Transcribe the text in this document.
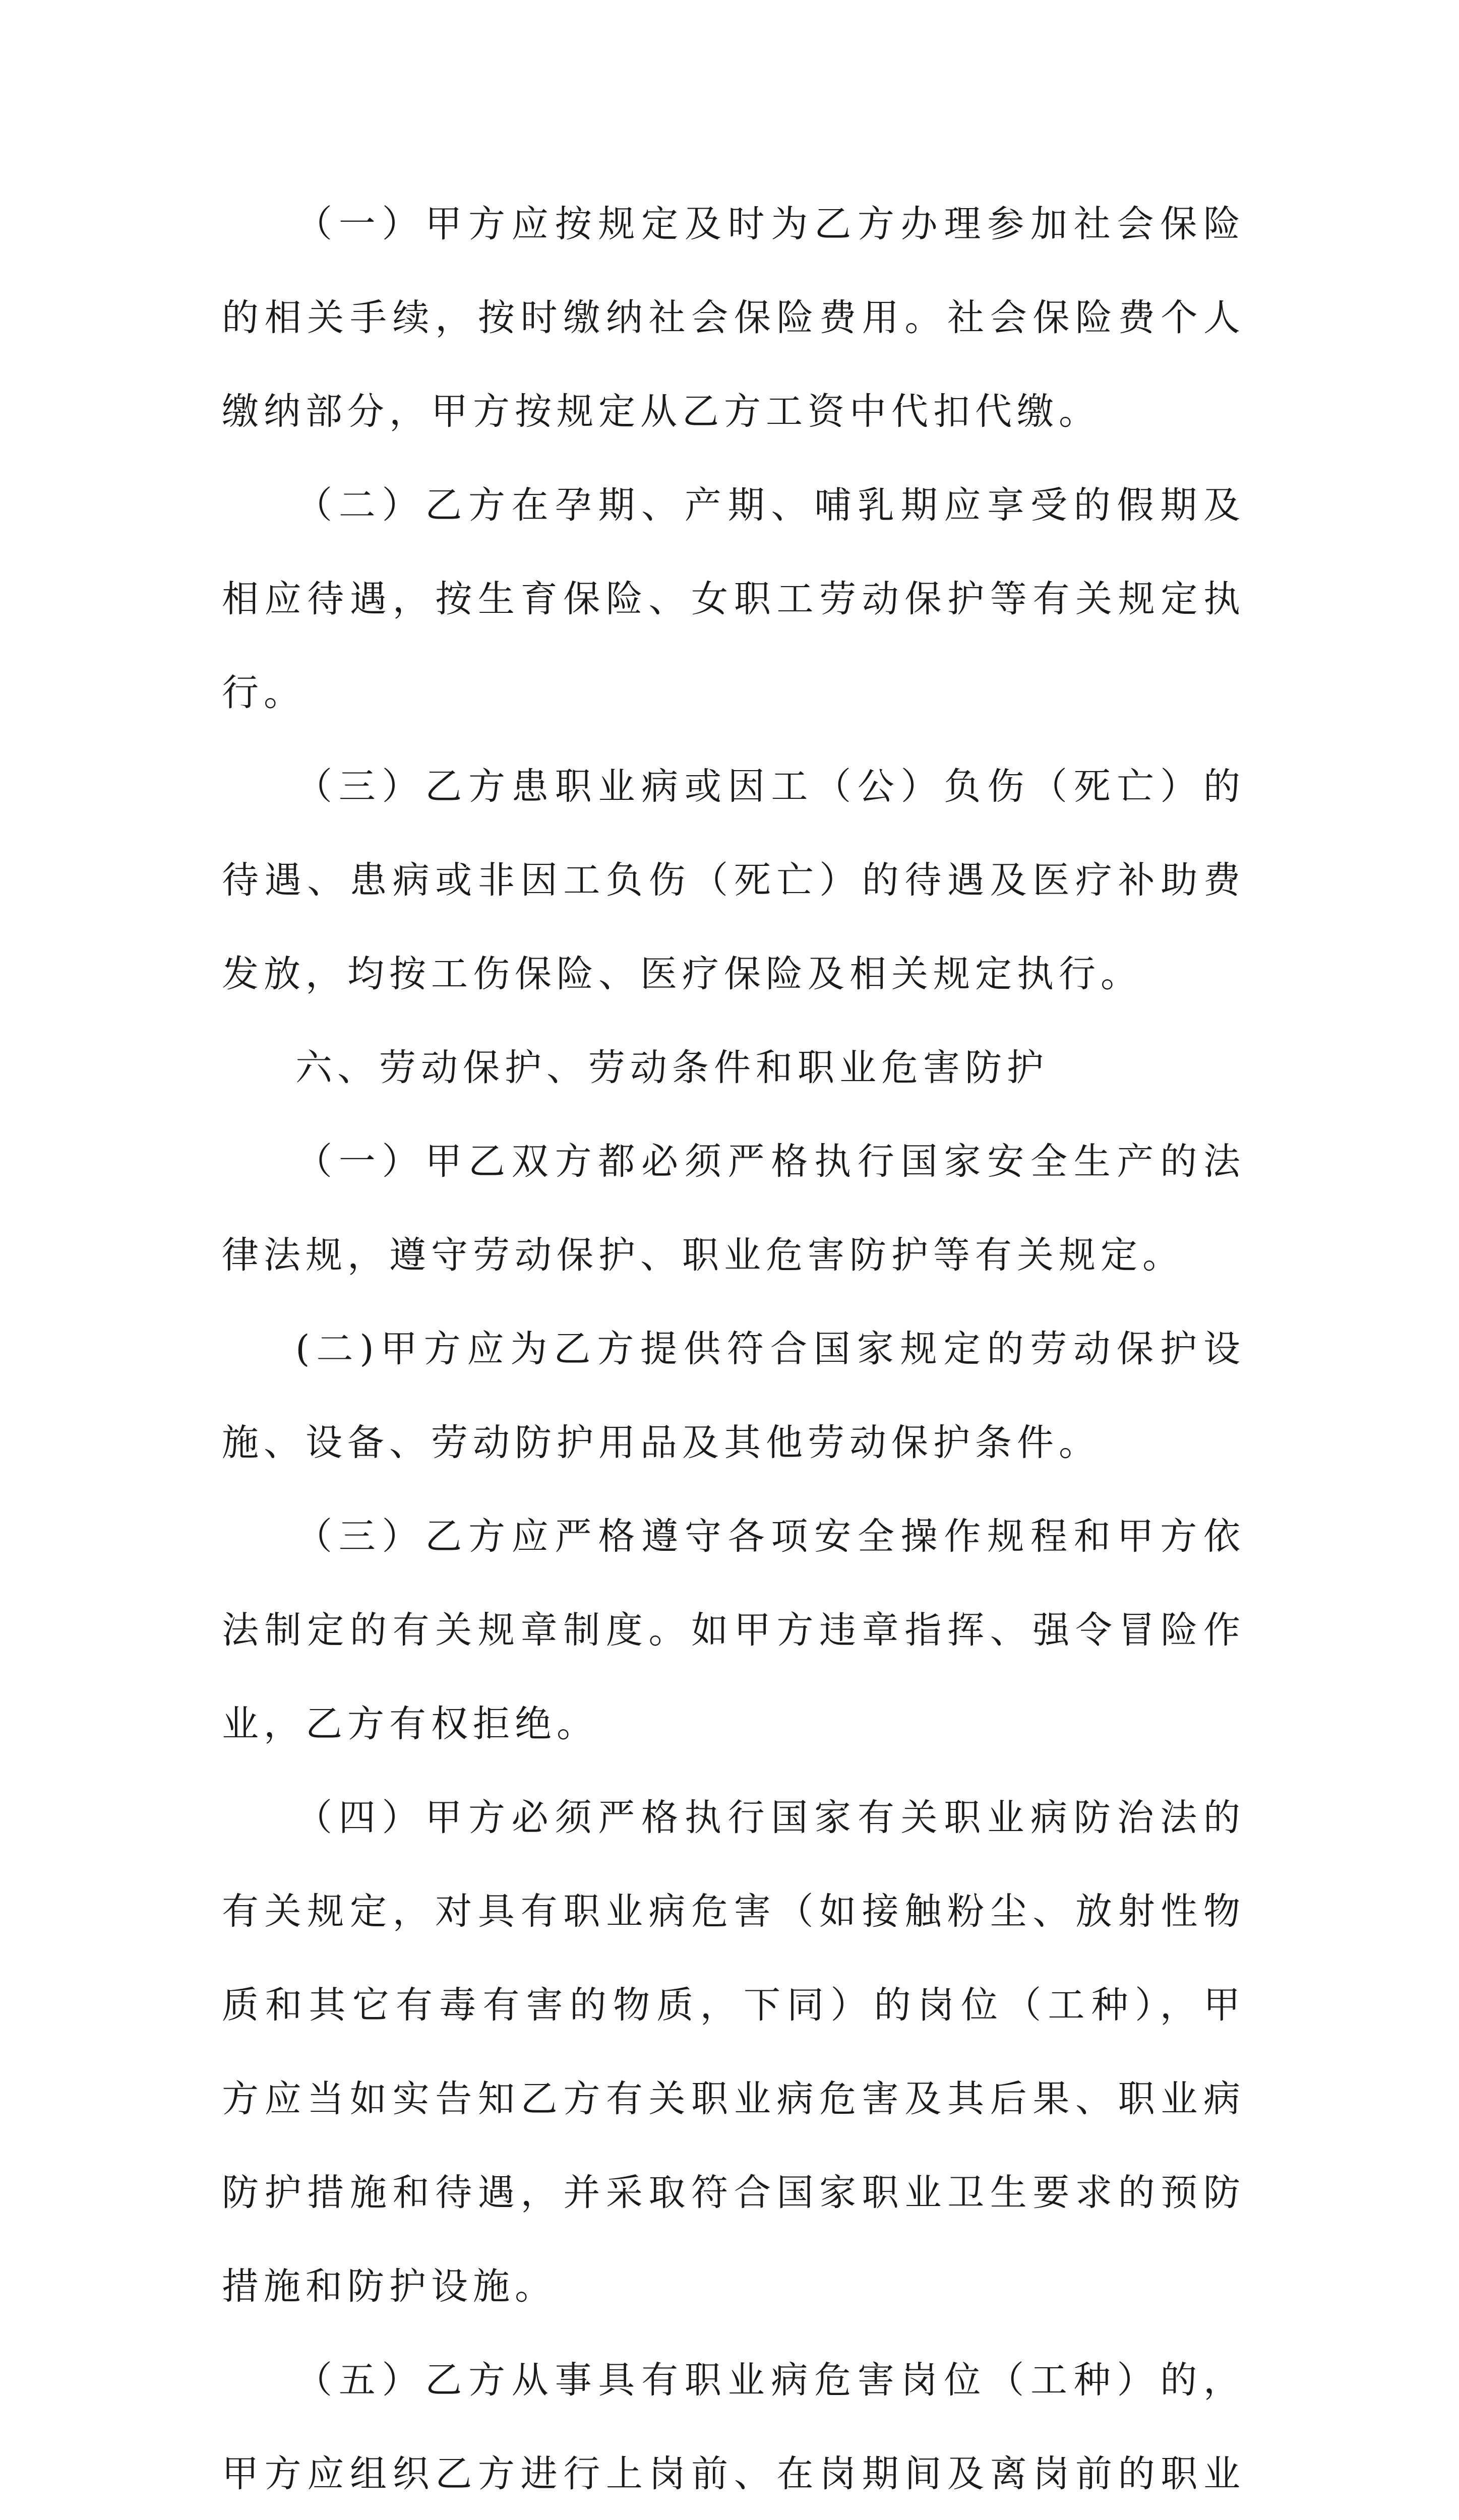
（一）甲方应按规定及时为乙方办理参加社会保险的相关手续，按时缴纳社会保险费用。社会保险费个人缴纳部分，甲方按规定从乙方工资中代扣代缴。

（二）乙方在孕期、产期、哺乳期应享受的假期及相应待遇，按生育保险、女职工劳动保护等有关规定执行。

（三）乙方患职业病或因工（公）负伤（死亡）的待遇、患病或非因工负伤（死亡）的待遇及医疗补助费发放，均按工伤保险、医疗保险及相关规定执行。

六、劳动保护、劳动条件和职业危害防护

（一）甲乙双方都必须严格执行国家安全生产的法律法规，遵守劳动保护、职业危害防护等有关规定。

(二)甲方应为乙方提供符合国家规定的劳动保护设施、设备、劳动防护用品及其他劳动保护条件。

（三）乙方应严格遵守各项安全操作规程和甲方依法制定的有关规章制度。如甲方违章指挥、强令冒险作业，乙方有权拒绝。

（四）甲方必须严格执行国家有关职业病防治法的有关规定，对具有职业病危害（如接触粉尘、放射性物质和其它有毒有害的物质，下同）的岗位（工种），甲方应当如实告知乙方有关职业病危害及其后果、职业病防护措施和待遇，并采取符合国家职业卫生要求的预防措施和防护设施。

（五）乙方从事具有职业病危害岗位（工种）的，甲方应组织乙方进行上岗前、在岗期间及离岗前的职业
